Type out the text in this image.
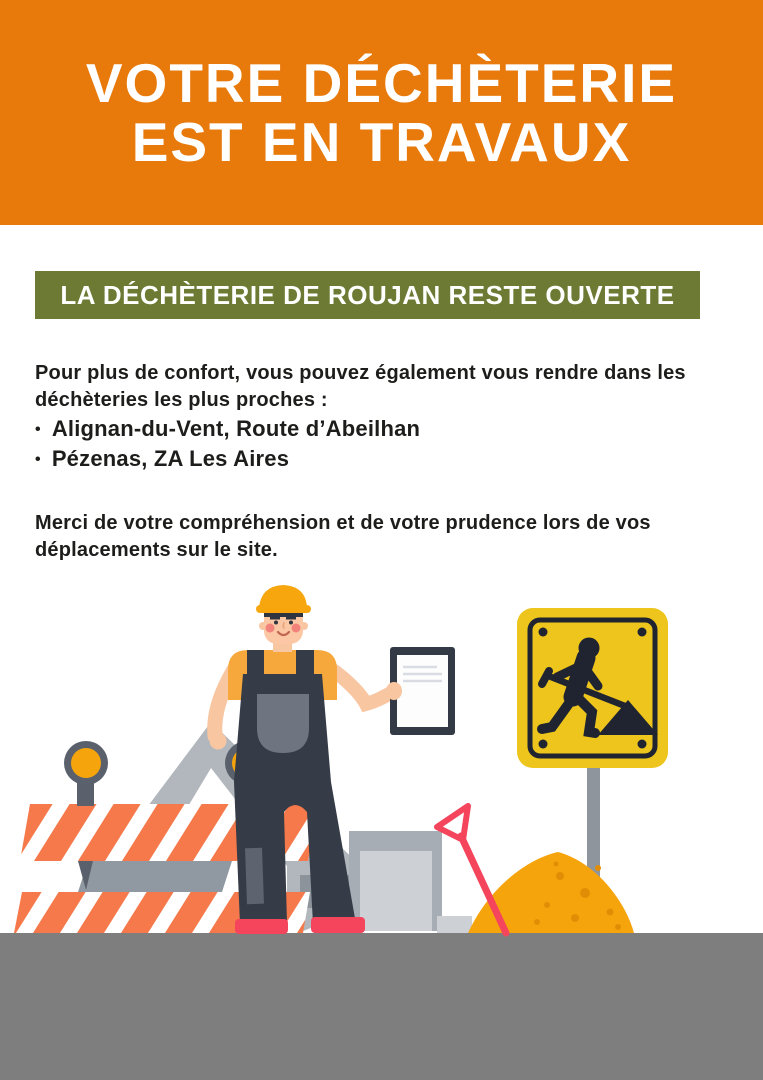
VOTRE DÉCHÈTERIE
EST EN TRAVAUX
LA DÉCHÈTERIE DE ROUJAN RESTE OUVERTE

Pour plus de confort, vous pouvez également vous rendre dans les déchèteries les plus proches :

• Alignan-du-Vent, Route d’Abeilhan
• Pézenas, ZA Les Aires

Merci de votre compréhension et de votre prudence lors de vos déplacements sur le site.
